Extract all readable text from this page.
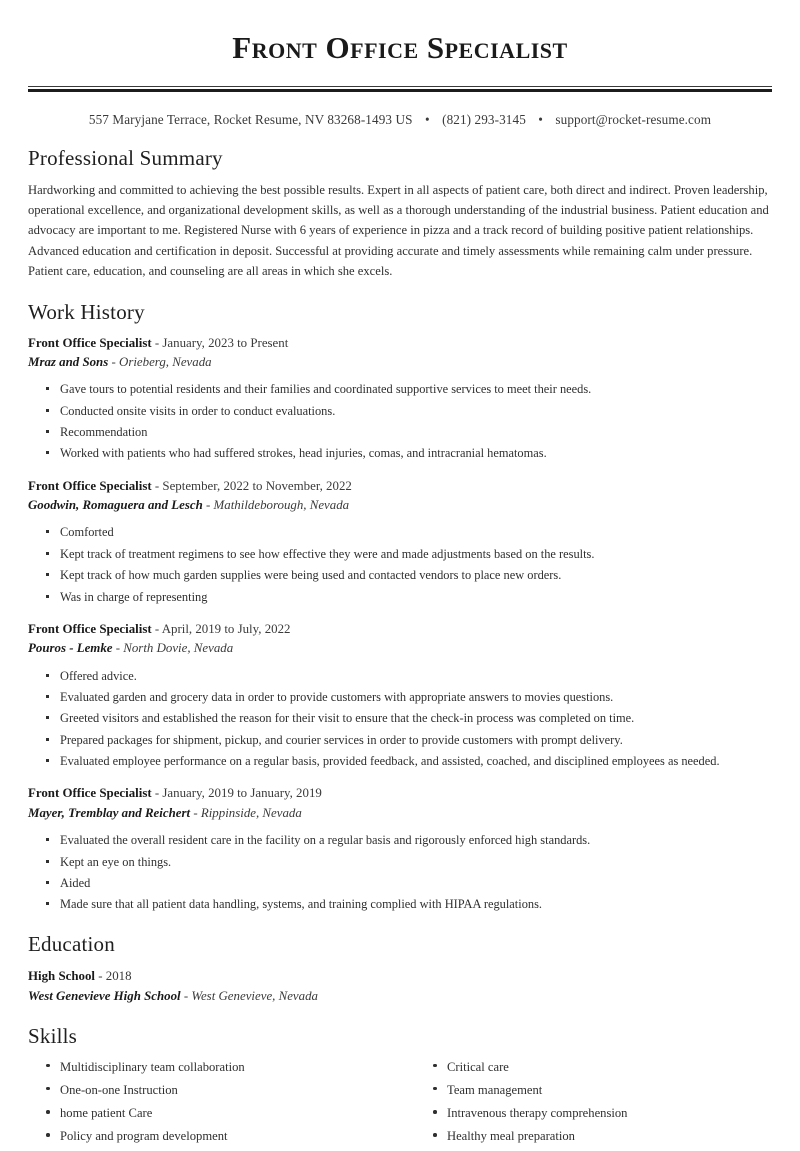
Front Office Specialist
557 Maryjane Terrace, Rocket Resume, NV 83268-1493 US • (821) 293-3145 • support@rocket-resume.com
Professional Summary

Hardworking and committed to achieving the best possible results. Expert in all aspects of patient care, both direct and indirect. Proven leadership, operational excellence, and organizational development skills, as well as a thorough understanding of the industrial business. Patient education and advocacy are important to me. Registered Nurse with 6 years of experience in pizza and a track record of building positive patient relationships. Advanced education and certification in deposit. Successful at providing accurate and timely assessments while remaining calm under pressure. Patient care, education, and counseling are all areas in which she excels.

Work History
Front Office Specialist - January, 2023 to Present
Mraz and Sons - Orieberg, Nevada
Gave tours to potential residents and their families and coordinated supportive services to meet their needs.
Conducted onsite visits in order to conduct evaluations.
Recommendation
Worked with patients who had suffered strokes, head injuries, comas, and intracranial hematomas.
Front Office Specialist - September, 2022 to November, 2022
Goodwin, Romaguera and Lesch - Mathildeborough, Nevada
Comforted
Kept track of treatment regimens to see how effective they were and made adjustments based on the results.
Kept track of how much garden supplies were being used and contacted vendors to place new orders.
Was in charge of representing
Front Office Specialist - April, 2019 to July, 2022
Pouros - Lemke - North Dovie, Nevada
Offered advice.
Evaluated garden and grocery data in order to provide customers with appropriate answers to movies questions.
Greeted visitors and established the reason for their visit to ensure that the check-in process was completed on time.
Prepared packages for shipment, pickup, and courier services in order to provide customers with prompt delivery.
Evaluated employee performance on a regular basis, provided feedback, and assisted, coached, and disciplined employees as needed.
Front Office Specialist - January, 2019 to January, 2019
Mayer, Tremblay and Reichert - Rippinside, Nevada
Evaluated the overall resident care in the facility on a regular basis and rigorously enforced high standards.
Kept an eye on things.
Aided
Made sure that all patient data handling, systems, and training complied with HIPAA regulations.
Education
High School - 2018
West Genevieve High School - West Genevieve, Nevada
Skills
Multidisciplinary team collaboration
One-on-one Instruction
home patient Care
Policy and program development
Critical care
Team management
Intravenous therapy comprehension
Healthy meal preparation
